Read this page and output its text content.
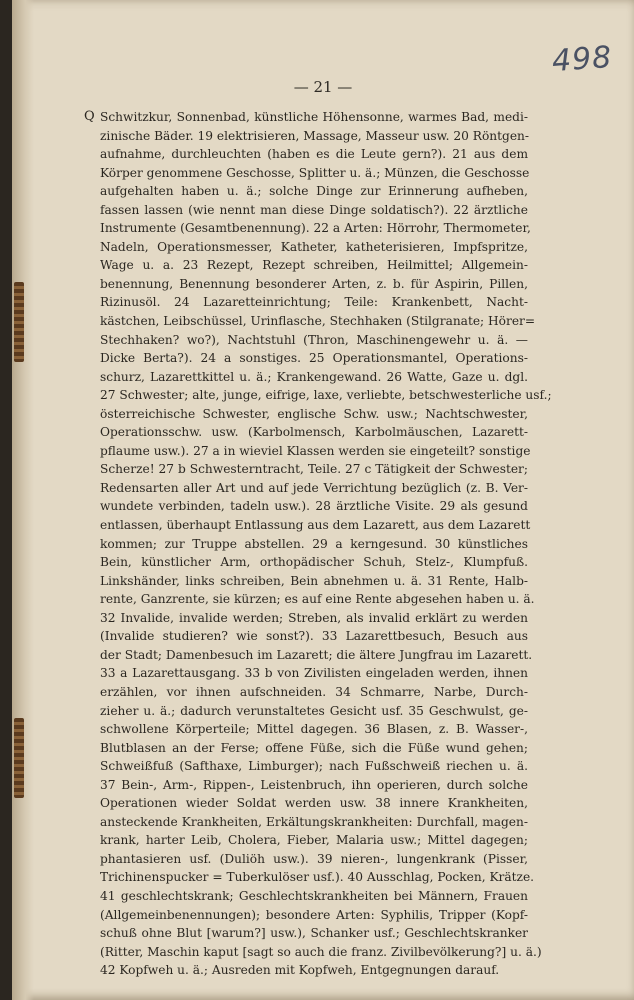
498
— 21 —
Q Schwitzkur, Sonnenbad, künstliche Höhensonne, warmes Bad, medi-
zinische Bäder. 19 elektrisieren, Massage, Masseur usw. 20 Röntgen-
aufnahme, durchleuchten (haben es die Leute gern?). 21 aus dem
Körper genommene Geschosse, Splitter u. ä.; Münzen, die Geschosse
aufgehalten haben u. ä.; solche Dinge zur Erinnerung aufheben,
fassen lassen (wie nennt man diese Dinge soldatisch?). 22 ärztliche
Instrumente (Gesamtbenennung). 22 a Arten: Hörrohr, Thermometer,
Nadeln, Operationsmesser, Katheter, katheterisieren, Impfspritze,
Wage u. a. 23 Rezept, Rezept schreiben, Heilmittel; Allgemein-
benennung, Benennung besonderer Arten, z. b. für Aspirin, Pillen,
Rizinusöl. 24 Lazaretteinrichtung; Teile: Krankenbett, Nacht-
kästchen, Leibschüssel, Urinflasche, Stechhaken (Stilgranate; Hörer=
Stechhaken? wo?), Nachtstuhl (Thron, Maschinengewehr u. ä. —
Dicke Berta?). 24 a sonstiges. 25 Operationsmantel, Operations-
schurz, Lazarettkittel u. ä.; Krankengewand. 26 Watte, Gaze u. dgl.
27 Schwester; alte, junge, eifrige, laxe, verliebte, betschwesterliche usf.;
österreichische Schwester, englische Schw. usw.; Nachtschwester,
Operationsschw. usw. (Karbolmensch, Karbolmäuschen, Lazarett-
pflaume usw.). 27 a in wieviel Klassen werden sie eingeteilt? sonstige
Scherze! 27 b Schwesterntracht, Teile. 27 c Tätigkeit der Schwester;
Redensarten aller Art und auf jede Verrichtung bezüglich (z. B. Ver-
wundete verbinden, tadeln usw.). 28 ärztliche Visite. 29 als gesund
entlassen, überhaupt Entlassung aus dem Lazarett, aus dem Lazarett
kommen; zur Truppe abstellen. 29 a kerngesund. 30 künstliches
Bein, künstlicher Arm, orthopädischer Schuh, Stelz-, Klumpfuß.
Linkshänder, links schreiben, Bein abnehmen u. ä. 31 Rente, Halb-
rente, Ganzrente, sie kürzen; es auf eine Rente abgesehen haben u. ä.
32 Invalide, invalide werden; Streben, als invalid erklärt zu werden
(Invalide studieren? wie sonst?). 33 Lazarettbesuch, Besuch aus
der Stadt; Damenbesuch im Lazarett; die ältere Jungfrau im Lazarett.
33 a Lazarettausgang. 33 b von Zivilisten eingeladen werden, ihnen
erzählen, vor ihnen aufschneiden. 34 Schmarre, Narbe, Durch-
zieher u. ä.; dadurch verunstaltetes Gesicht usf. 35 Geschwulst, ge-
schwollene Körperteile; Mittel dagegen. 36 Blasen, z. B. Wasser-,
Blutblasen an der Ferse; offene Füße, sich die Füße wund gehen;
Schweißfuß (Safthaxe, Limburger); nach Fußschweiß riechen u. ä.
37 Bein-, Arm-, Rippen-, Leistenbruch, ihn operieren, durch solche
Operationen wieder Soldat werden usw. 38 innere Krankheiten,
ansteckende Krankheiten, Erkältungskrankheiten: Durchfall, magen-
krank, harter Leib, Cholera, Fieber, Malaria usw.; Mittel dagegen;
phantasieren usf. (Duliöh usw.). 39 nieren-, lungenkrank (Pisser,
Trichinenspucker = Tuberkulöser usf.). 40 Ausschlag, Pocken, Krätze.
41 geschlechtskrank; Geschlechtskrankheiten bei Männern, Frauen
(Allgemeinbenennungen); besondere Arten: Syphilis, Tripper (Kopf-
schuß ohne Blut [warum?] usw.), Schanker usf.; Geschlechtskranker
(Ritter, Maschin kaput [sagt so auch die franz. Zivilbevölkerung?] u. ä.)
42 Kopfweh u. ä.; Ausreden mit Kopfweh, Entgegnungen darauf.
